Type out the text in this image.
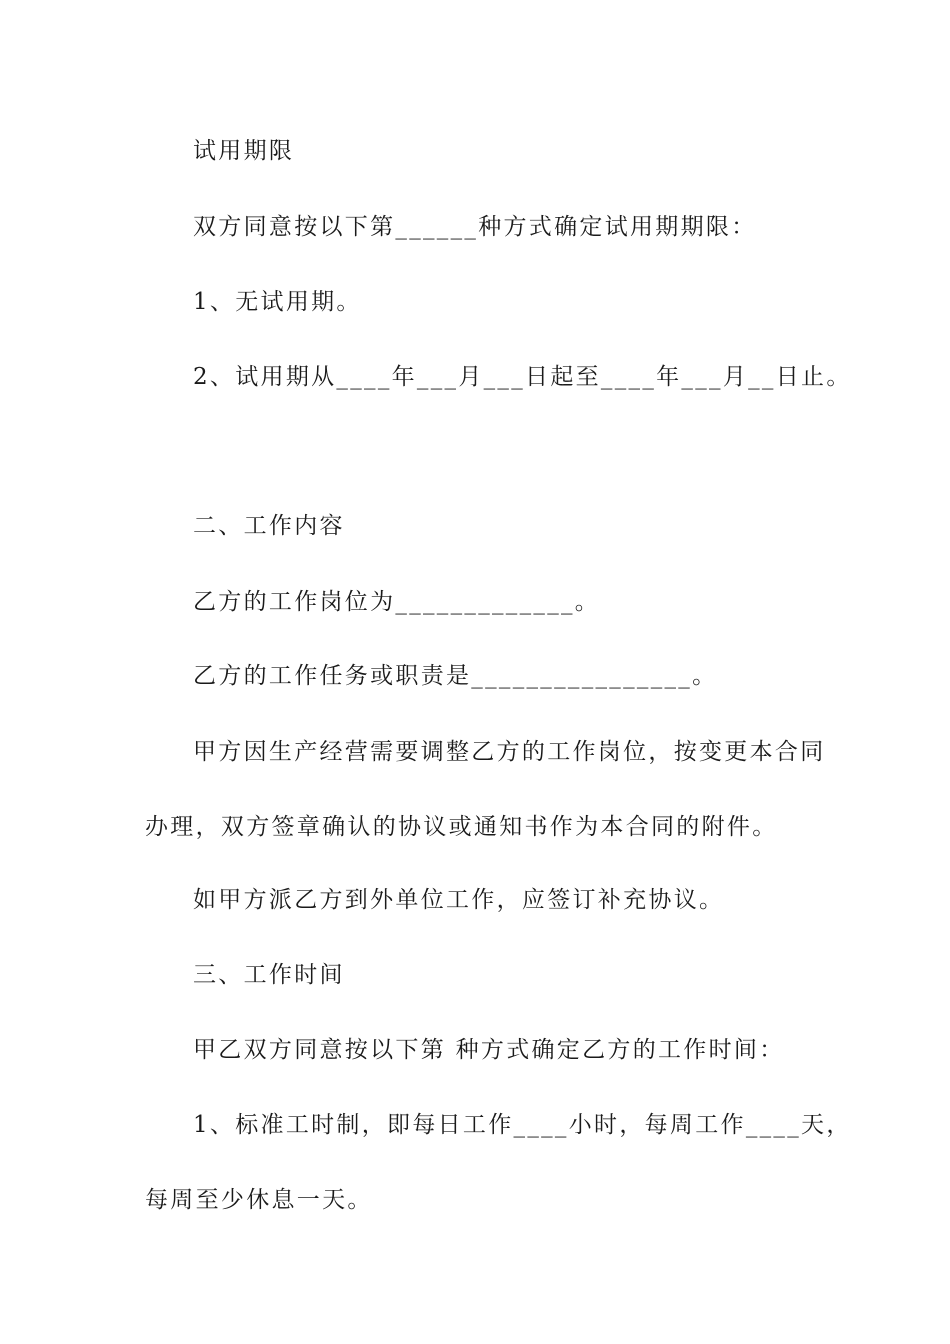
试用期限

双方同意按以下第______种方式确定试用期期限：

1、无试用期。

2、试用期从____年___月___日起至____年___月__日止。

二、工作内容

乙方的工作岗位为_____________。

乙方的工作任务或职责是________________。

甲方因生产经营需要调整乙方的工作岗位，按变更本合同

办理，双方签章确认的协议或通知书作为本合同的附件。

如甲方派乙方到外单位工作，应签订补充协议。

三、工作时间

甲乙双方同意按以下第 种方式确定乙方的工作时间：

1、标准工时制，即每日工作____小时，每周工作____天，

每周至少休息一天。
